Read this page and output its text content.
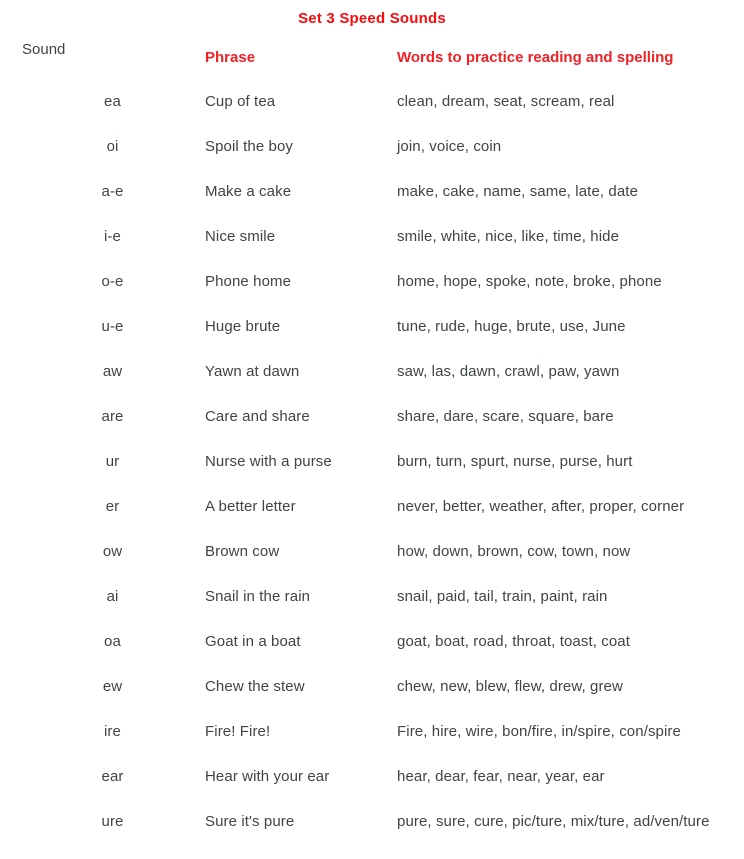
Set 3 Speed Sounds
Sound	Phrase	Words to practice reading and spelling
ea	Cup of tea	clean, dream, seat, scream, real
oi	Spoil the boy	join, voice, coin
a-e	Make a cake	make, cake, name, same, late, date
i-e	Nice smile	smile, white, nice, like, time, hide
o-e	Phone home	home, hope, spoke, note, broke, phone
u-e	Huge brute	tune, rude, huge, brute, use, June
aw	Yawn at dawn	saw, las, dawn, crawl, paw, yawn
are	Care and share	share, dare, scare, square, bare
ur	Nurse with a purse	burn, turn, spurt, nurse, purse, hurt
er	A better letter	never, better, weather, after, proper, corner
ow	Brown cow	how, down, brown, cow, town, now
ai	Snail in the rain	snail, paid, tail, train, paint, rain
oa	Goat in a boat	goat, boat, road, throat, toast, coat
ew	Chew the stew	chew, new, blew, flew, drew, grew
ire	Fire! Fire!	Fire, hire, wire, bon/fire, in/spire, con/spire
ear	Hear with your ear	hear, dear, fear, near, year, ear
ure	Sure it's pure	pure, sure, cure, pic/ture, mix/ture, ad/ven/ture
